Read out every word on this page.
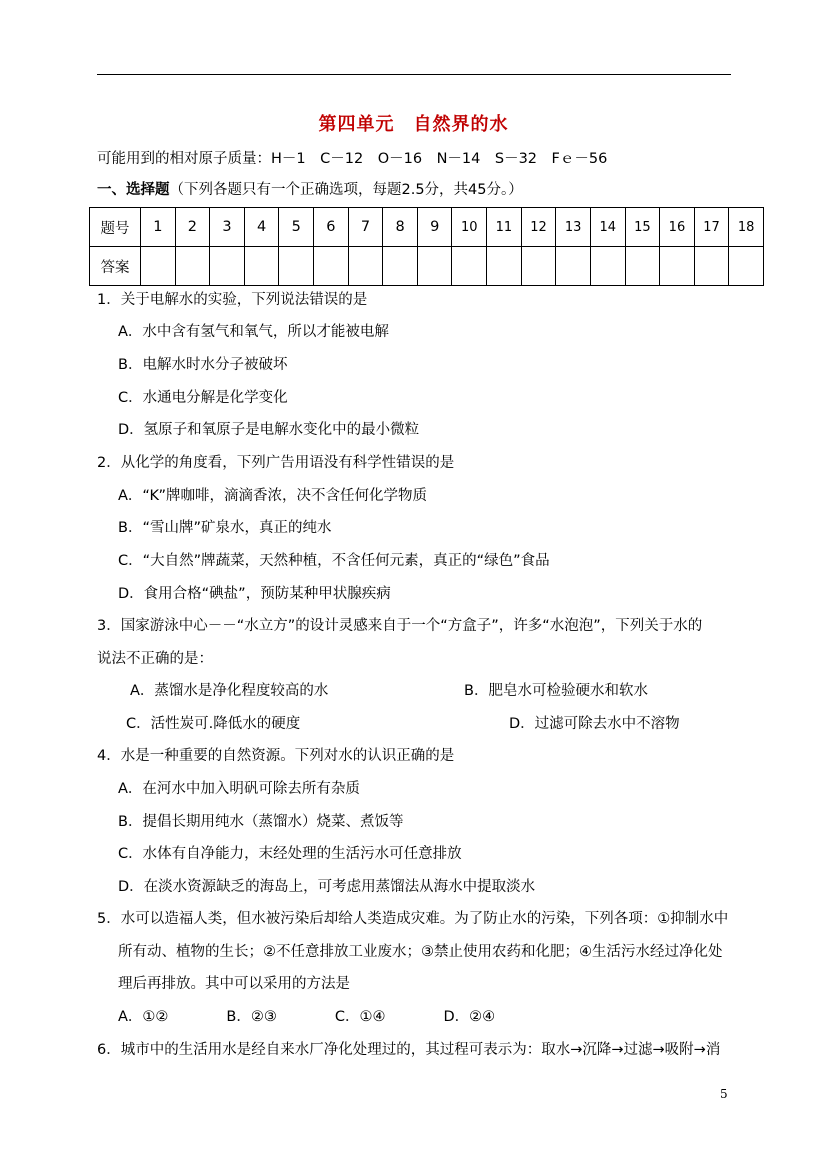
第四单元　自然界的水
可能用到的相对原子质量：H－1　C－12　O－16　N－14　S－32　Fｅ－56
一、选择题（下列各题只有一个正确选项，每题2.5分，共45分。）
题号	1	2	3	4	5	6	7	8	9	10	11	12	13	14	15	16	17	18
答案																		
1．关于电解水的实验，下列说法错误的是
A．水中含有氢气和氧气，所以才能被电解
B．电解水时水分子被破坏
C．水通电分解是化学变化
D．氢原子和氧原子是电解水变化中的最小微粒
2．从化学的角度看，下列广告用语没有科学性错误的是
A．“K”牌咖啡，滴滴香浓，决不含任何化学物质
B．“雪山牌”矿泉水，真正的纯水
C．“大自然”牌蔬菜，天然种植，不含任何元素，真正的“绿色”食品
D．食用合格“碘盐”，预防某种甲状腺疾病
3．国家游泳中心－－“水立方”的设计灵感来自于一个“方盒子”，许多“水泡泡”，下列关于水的
说法不正确的是：
A．蒸馏水是净化程度较高的水	B．肥皂水可检验硬水和软水
C．活性炭可.降低水的硬度	D．过滤可除去水中不溶物
4．水是一种重要的自然资源。下列对水的认识正确的是
A．在河水中加入明矾可除去所有杂质
B．提倡长期用纯水（蒸馏水）烧菜、煮饭等
C．水体有自净能力，末经处理的生活污水可任意排放
D．在淡水资源缺乏的海岛上，可考虑用蒸馏法从海水中提取淡水
5．水可以造福人类，但水被污染后却给人类造成灾难。为了防止水的污染，下列各项：①抑制水中
所有动、植物的生长；②不任意排放工业废水；③禁止使用农药和化肥；④生活污水经过净化处
理后再排放。其中可以采用的方法是
A．①②　　　　B．②③　　　　C．①④　　　　D．②④
6．城市中的生活用水是经自来水厂净化处理过的，其过程可表示为：取水→沉降→过滤→吸附→消
5
